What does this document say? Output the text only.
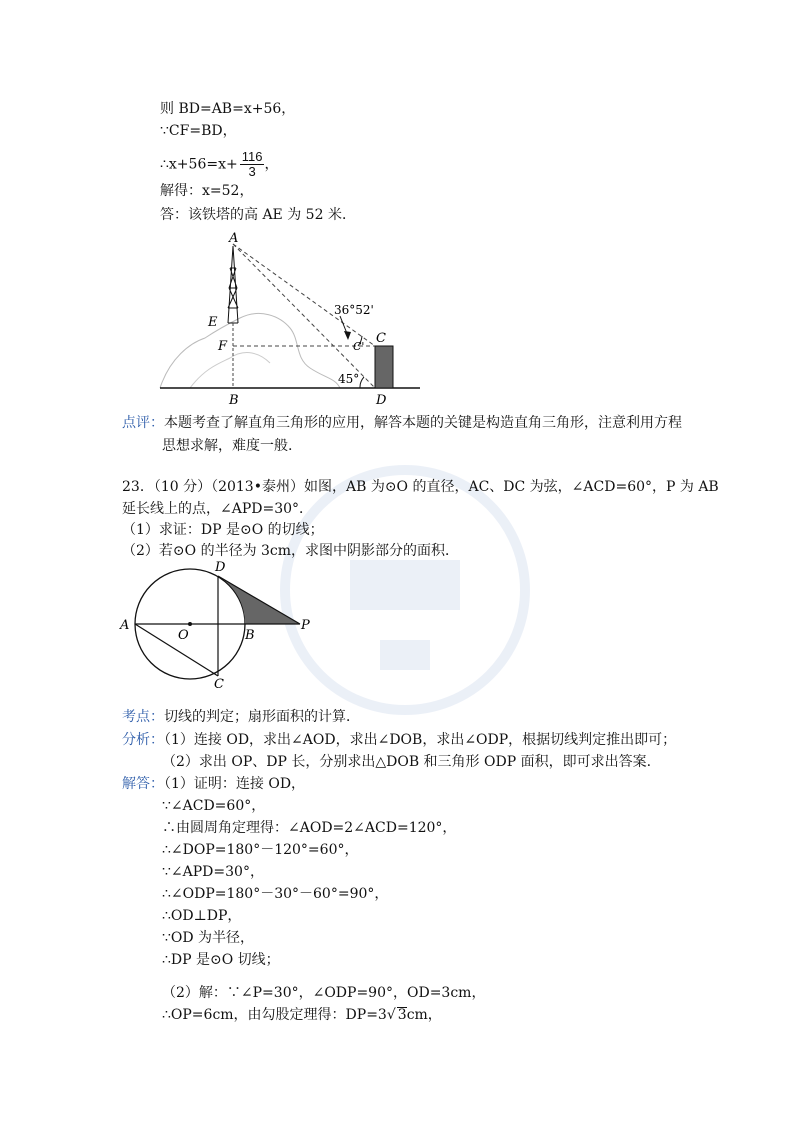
则 BD=AB=x+56，
∵CF=BD，
∴x+56=x+ $\frac{116}{3}$ ，
解得：x=52，
答：该铁塔的高 AE 为 52 米．
A
E
F
B
C
D
C'
36°52'
45°
点评：本题考查了解直角三角形的应用，解答本题的关键是构造直角三角形，注意利用方程
思想求解，难度一般.
23．（10 分）（2013•泰州）如图，AB 为⊙O 的直径，AC、DC 为弦，∠ACD=60°，P 为 AB
延长线上的点，∠APD=30°．
（1）求证：DP 是⊙O 的切线；
（2）若⊙O 的半径为 3cm，求图中阴影部分的面积．
A
O	B
P
D
C
考点：切线的判定；扇形面积的计算．
分析：（1）连接 OD，求出∠AOD，求出∠DOB，求出∠ODP，根据切线判定推出即可；
（2）求出 OP、DP 长，分别求出△DOB 和三角形 ODP 面积，即可求出答案.
解答：（1）证明：连接 OD，
∵∠ACD=60°，
∴由圆周角定理得：∠AOD=2∠ACD=120°，
∴∠DOP=180°－120°=60°，
∵∠APD=30°，
∴∠ODP=180°－30°－60°=90°，
∴OD⊥DP，
∵OD 为半径，
∴DP 是⊙O 切线；
（2）解：∵∠P=30°，∠ODP=90°，OD=3cm，
∴OP=6cm，由勾股定理得：DP=3√ 3cm，
